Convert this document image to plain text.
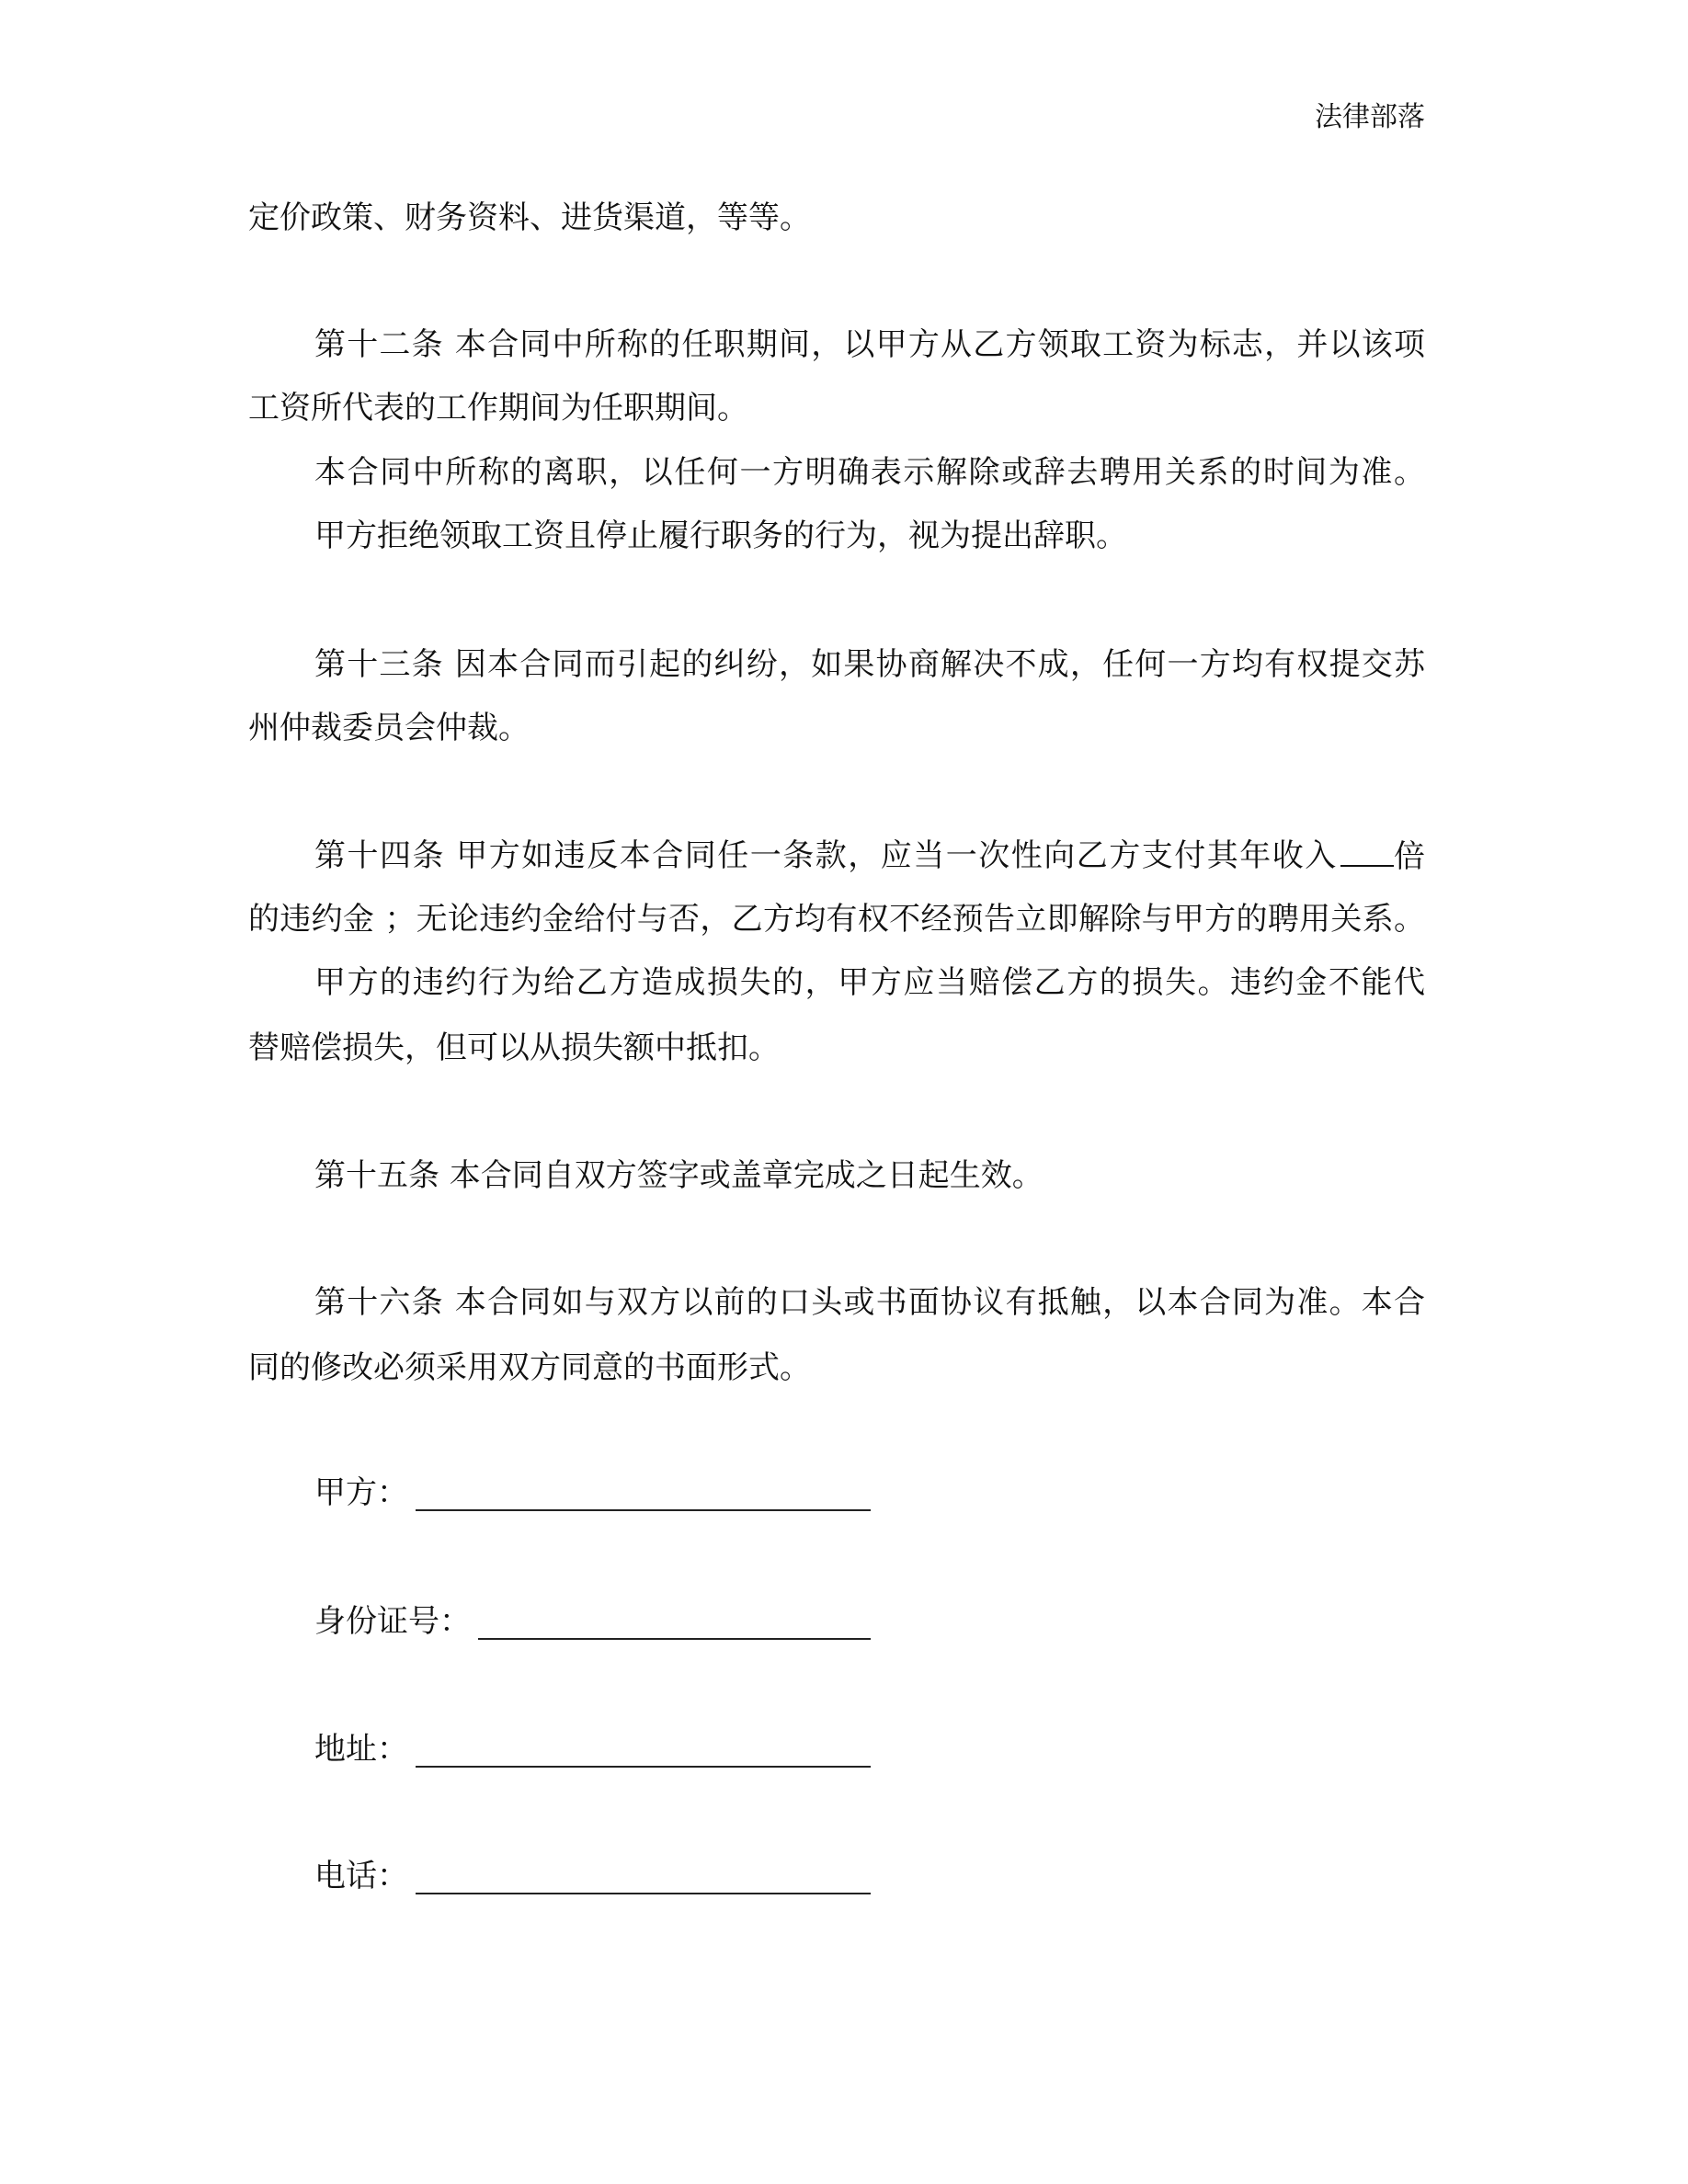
法律部落
定价政策、财务资料、进货渠道，等等。
第十二条 本合同中所称的任职期间，以甲方从乙方领取工资为标志，并以该项
工资所代表的工作期间为任职期间。
本合同中所称的离职，以任何一方明确表示解除或辞去聘用关系的时间为准。
甲方拒绝领取工资且停止履行职务的行为，视为提出辞职。
第十三条 因本合同而引起的纠纷，如果协商解决不成，任何一方均有权提交苏
州仲裁委员会仲裁。
第十四条 甲方如违反本合同任一条款，应当一次性向乙方支付其年收入	倍
的违约金 ；无论违约金给付与否，乙方均有权不经预告立即解除与甲方的聘用关系。
甲方的违约行为给乙方造成损失的，甲方应当赔偿乙方的损失。违约金不能代
替赔偿损失，但可以从损失额中抵扣。
第十五条 本合同自双方签字或盖章完成之日起生效。
第十六条 本合同如与双方以前的口头或书面协议有抵触，以本合同为准。本合
同的修改必须采用双方同意的书面形式。
甲方：
身份证号：
地址：
电话：
